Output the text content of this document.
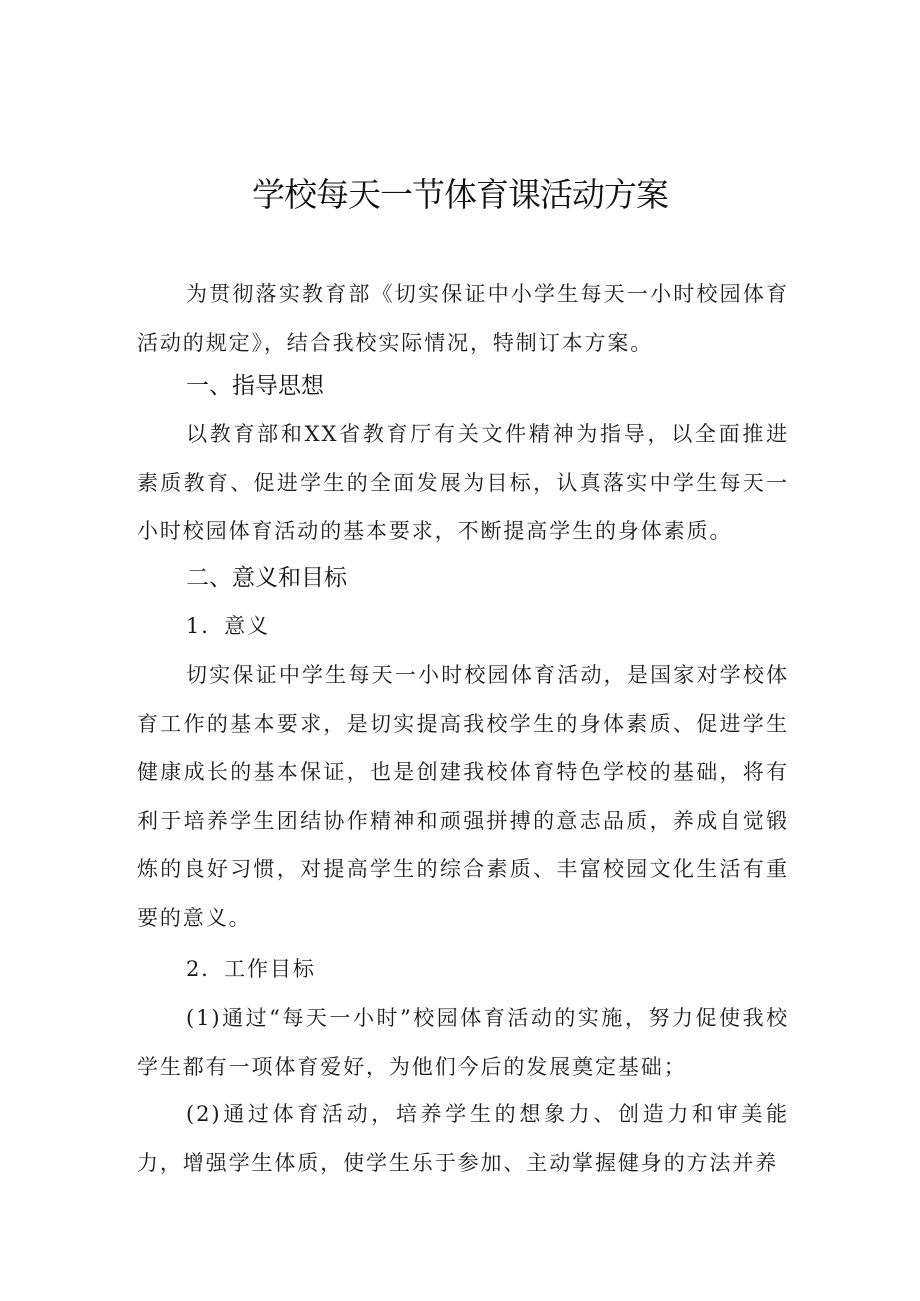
学校每天一节体育课活动方案

为贯彻落实教育部《切实保证中小学生每天一小时校园体育活动的规定》，结合我校实际情况，特制订本方案。

一、指导思想

以教育部和XX省教育厅有关文件精神为指导，以全面推进素质教育、促进学生的全面发展为目标，认真落实中学生每天一小时校园体育活动的基本要求，不断提高学生的身体素质。

二、意义和目标

1．意义

切实保证中学生每天一小时校园体育活动，是国家对学校体育工作的基本要求，是切实提高我校学生的身体素质、促进学生健康成长的基本保证，也是创建我校体育特色学校的基础，将有利于培养学生团结协作精神和顽强拼搏的意志品质，养成自觉锻炼的良好习惯，对提高学生的综合素质、丰富校园文化生活有重要的意义。

2．工作目标

(1)通过“每天一小时”校园体育活动的实施，努力促使我校学生都有一项体育爱好，为他们今后的发展奠定基础；

(2)通过体育活动，培养学生的想象力、创造力和审美能力，增强学生体质，使学生乐于参加、主动掌握健身的方法并养
